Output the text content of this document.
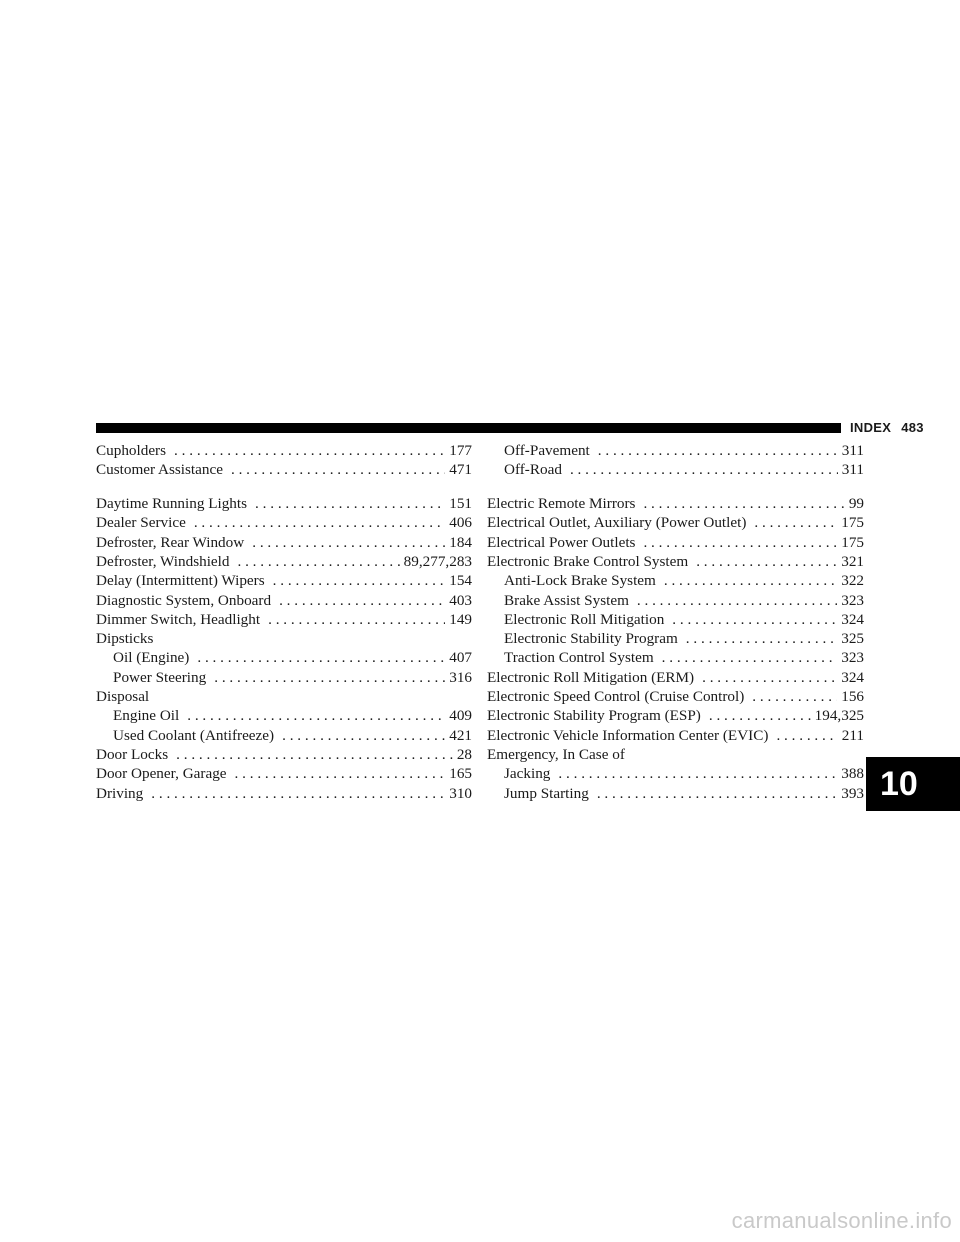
INDEX 483
Cupholders . . .	177
Customer Assistance . . .	471
Daytime Running Lights . . .	151
Dealer Service . . .	406
Defroster, Rear Window . . .	184
Defroster, Windshield . . .	89,277,283
Delay (Intermittent) Wipers . . .	154
Diagnostic System, Onboard . . .	403
Dimmer Switch, Headlight . . .	149
Dipsticks
Oil (Engine) . . .	407
Power Steering . . .	316
Disposal
Engine Oil . . .	409
Used Coolant (Antifreeze) . . .	421
Door Locks . . .	28
Door Opener, Garage . . .	165
Driving . . .	310
Off-Pavement . . .	311
Off-Road . . .	311
Electric Remote Mirrors . . .	99
Electrical Outlet, Auxiliary (Power Outlet) . . .	175
Electrical Power Outlets . . .	175
Electronic Brake Control System . . .	321
Anti-Lock Brake System . . .	322
Brake Assist System . . .	323
Electronic Roll Mitigation . . .	324
Electronic Stability Program . . .	325
Traction Control System . . .	323
Electronic Roll Mitigation (ERM) . . .	324
Electronic Speed Control (Cruise Control) . . .	156
Electronic Stability Program (ESP) . . .	194,325
Electronic Vehicle Information Center (EVIC) . . .	211
Emergency, In Case of
Jacking . . .	388
Jump Starting . . .	393 10
carmanualsonline.info
